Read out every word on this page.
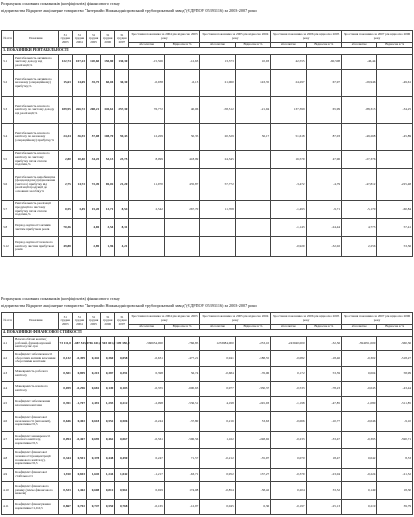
Розрахунок основних показників (коефіцієнтів) фінансового стану
підприємства Відкрите акціонерне товариство "Інтерпайп Нижньодніпровський трубопрокатний завод"(ЄДРПОУ 05393116) за 2003-2007 роки
№ п/п	Показник	31 грудня 2003	31 грудня 2004	31 грудня 2005	31 грудня 2006	31 грудня 2007	Зростання показника за 2004 рік відносно 2003 року		Зростання показника за 2005 рік відносно 2004 року		Зростання показника за 2006 рік відносно 2005 року		Зростання показника за 2007 рік відносно 2006 року	
							абсолютне	Відносне в %	абсолютне	Відносне в %	абсолютне	Відносне в %	абсолютне	Відносне в %
3. ПОКАЗНИКИ РЕНТАБЕЛЬНОСТІ														
3.1	Рентабельність активів по чистому доходу від реалізації,%	122,74	107,23	120,60	150,80	130,30	-15,506	-12,63	13,373	10,93	42,555	-60,508	-46,44	
3.2	Рентабельність активів по валовому (операційному) прибутку,%	15,63	14,69	35,75	60,04	30,30	-0,938	-6,13	21,060	143,35	24,297	67,97	-29,946	-49,61
3.3	Рентабельність власного капіталу по чистому доходу від реалізації,%	189,95	266,72	208,21	345,61	257,30	76,772	40,06	-58,512	-21,94	137,399	65,99	-88,313	-34,25
3.4	Рентабельність власного капіталу по валовому (операційному) прибутку,%	24,34	36,55	57,08	108,70	59,43	12,209	50,35	20,529	56,17	51,618	87,03	-49,268	-45,89
3.5	Рентабельність власного капіталу по чистому прибутку після сплати податків,%	2,80	10,40	34,25	53,13	23,75	8,099	418,99	24,345		16,579	47,96	-27,376	
3.6	Рентабельність виробництва (фондовіддача) (відношення (чистого) прибутку від реалізації продукції до основних засобів),%	2,75	14,72	72,49	69,02	21,20	11,970	435,87	57,772		-3,472	-4,79	-47,812	-225,48
3.7	Рентабельність реалізації продукції по чистому прибутку після сплати податків,%	0,55	3,49	15,20	13,71	8,54	2,542	267,70	11,708		-1,493	-9,71	-5,170	-60,84
3.8	Період окупності активів чистим прибутком років	70,36		4,69	3,54	8,31					-1,143	-24,44	4,773	57,41
3.12	Період окупності власного капіталу чистим прибутком років	49,88		2,89	1,96	4,21					-0,929	-32,02	2,256	53,56
Розрахунок основних показників (коефіцієнтів) фінансового стану
підприємства Відкрите акціонерне товариство "Інтерпайп Нижньодніпровський трубопрокатний завод"(ЄДРПОУ 05393116) за 2003-2007 роки
№ п/п	Показник	31 грудня 2003	31 грудня 2004	31 грудня 2005	31 грудня 2006	31 грудня 2007	Зростання показника за 2004 рік відносно 2003 року		Зростання показника за 2005 рік відносно 2004 року		Зростання показника за 2006 рік відносно 2005 року		Зростання показника за 2007 рік відносно 2006 року	
							абсолютне	Відносне в %	абсолютне	Відносне в %	абсолютне	Відносне в %	абсолютне	Відносне в %
4. ПОКАЗНИКИ ФІНАНСОВОЇ СТІЙКОСТІ														
4.1	Власні обігові кошти ( робочий, функціонуючий капітал),тис.грн	73 111,8	-487 543,0	746 441,0	503 401,0	109 350,0	-560654,000	-766,85	1233984,000	-253,10	-243040,000	-32,56	-394051,000	-360,36
4.2	Коефіцієнт забезпеченості оборотних активів власними оборотними коштами	0,132	-0,499	0,442	0,360	0,058	-0,631	-477,21	0,941	-188,55	-0,082	-18,46	-0,302	-518,27
4.3	Маневреність робочого капіталу	0,501	0,899	0,215	0,387	0,391	0,398	56,74	-0,684	-76,06	0,172	53,59	0,004	58,99
4.4	Маневреність власного капіталу	0,059	-0,296	0,681	0,149	0,103	-0,355	-600,63	0,977	-330,37	-0,533	-78,23	-0,045	-43,44
4.5	Коефіцієнт забезпечення власними коштами	0,391	-1,707	2,491	1,293	0,212	-2,098	-536,51	4,198	-245,93	-1,198	-47,85	-1,080	-511,85
4.6	Коефіцієнт фінансової незалежності (автономії), нормативне>0,5	0,646	0,402	0,618	0,552	0,506	-0,244	-37,80	0,216	53,63	-0,066	-10,77	-0,046	-9,10
4.7	Коефіцієнт маневреності власного капіталу, нормативне>0,5	0,094	-0,467	0,695	0,462	0,067	-0,561	-596,56	1,162	-248,92	-0,233	-33,47	-0,395	-590,71
4.8	Коефіцієнт фінансової залежності (концентрації позикового капіталу), нормативне<0,5	0,344	0,591	0,378	0,448	0,490	0,247	71,57	-0,212	-35,97	0,070	18,47	0,042	8,53
4.9	Коефіцієнт фінансової стабільності	1,910	0,693	1,645	1,244	1,042	-1,217	-63,71	0,952	137,27	-0,379	-23,04	-0,224	-21,52
4.10	Коефіцієнт фінансового ризику (плече фінансового важеля)	0,533	1,462	0,608	0,812	0,961	0,929	174,08	-0,854	-58,42	0,204	33,52	0,149	18,30
4.11	Коефіцієнт фінансування нормативне<1,0-0,5	0,867	0,702	0,747	0,550	0,768	-0,165	-12,97	0,045	6,36	-0,197	-25,13	0,219	39,79
